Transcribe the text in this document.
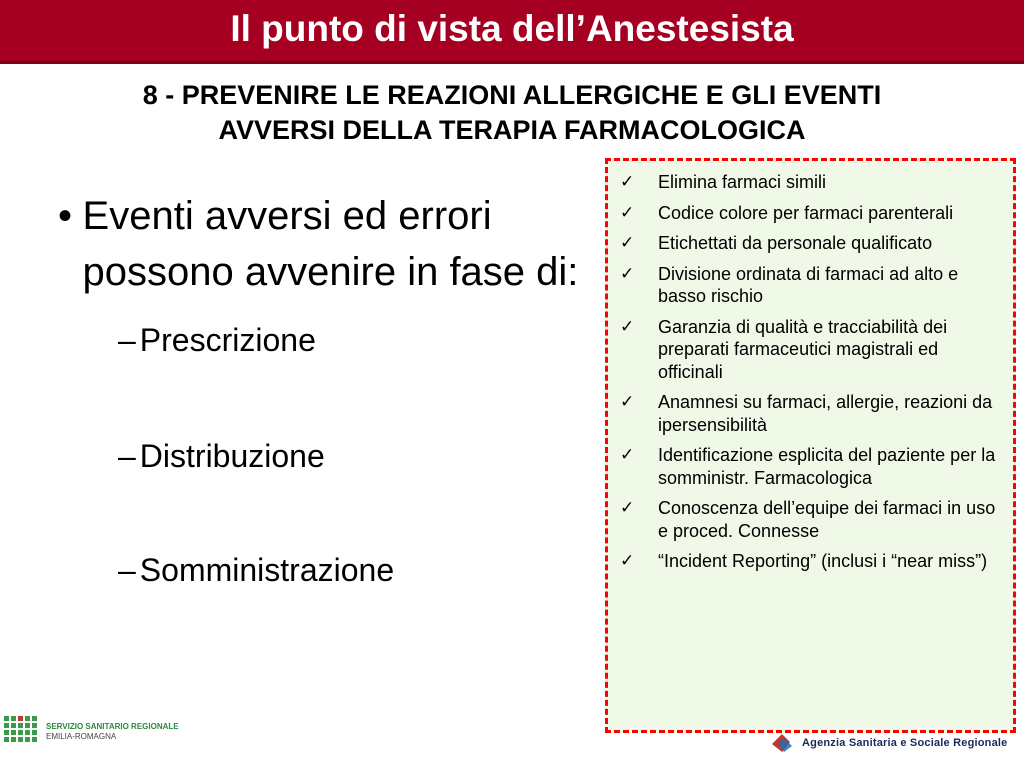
Il punto di vista dell’Anestesista
8 - PREVENIRE LE REAZIONI ALLERGICHE E GLI EVENTI
AVVERSI DELLA TERAPIA FARMACOLOGICA
• Eventi avversi ed errori possono avvenire in fase di:
– Prescrizione
– Distribuzione
– Somministrazione
✓	Elimina farmaci simili
✓	Codice colore per farmaci parenterali
✓	Etichettati da personale qualificato
✓	Divisione ordinata di farmaci ad alto e basso rischio
✓	Garanzia di qualità e tracciabilità dei preparati farmaceutici magistrali ed officinali
✓	Anamnesi su farmaci, allergie, reazioni da ipersensibilità
✓	Identificazione esplicita del paziente per la somministr. Farmacologica
✓	Conoscenza dell’equipe dei farmaci in uso e proced. Connesse
✓	“Incident Reporting” (inclusi i “near miss”)
SERVIZIO SANITARIO REGIONALE
EMILIA-ROMAGNA
Agenzia Sanitaria e Sociale Regionale
